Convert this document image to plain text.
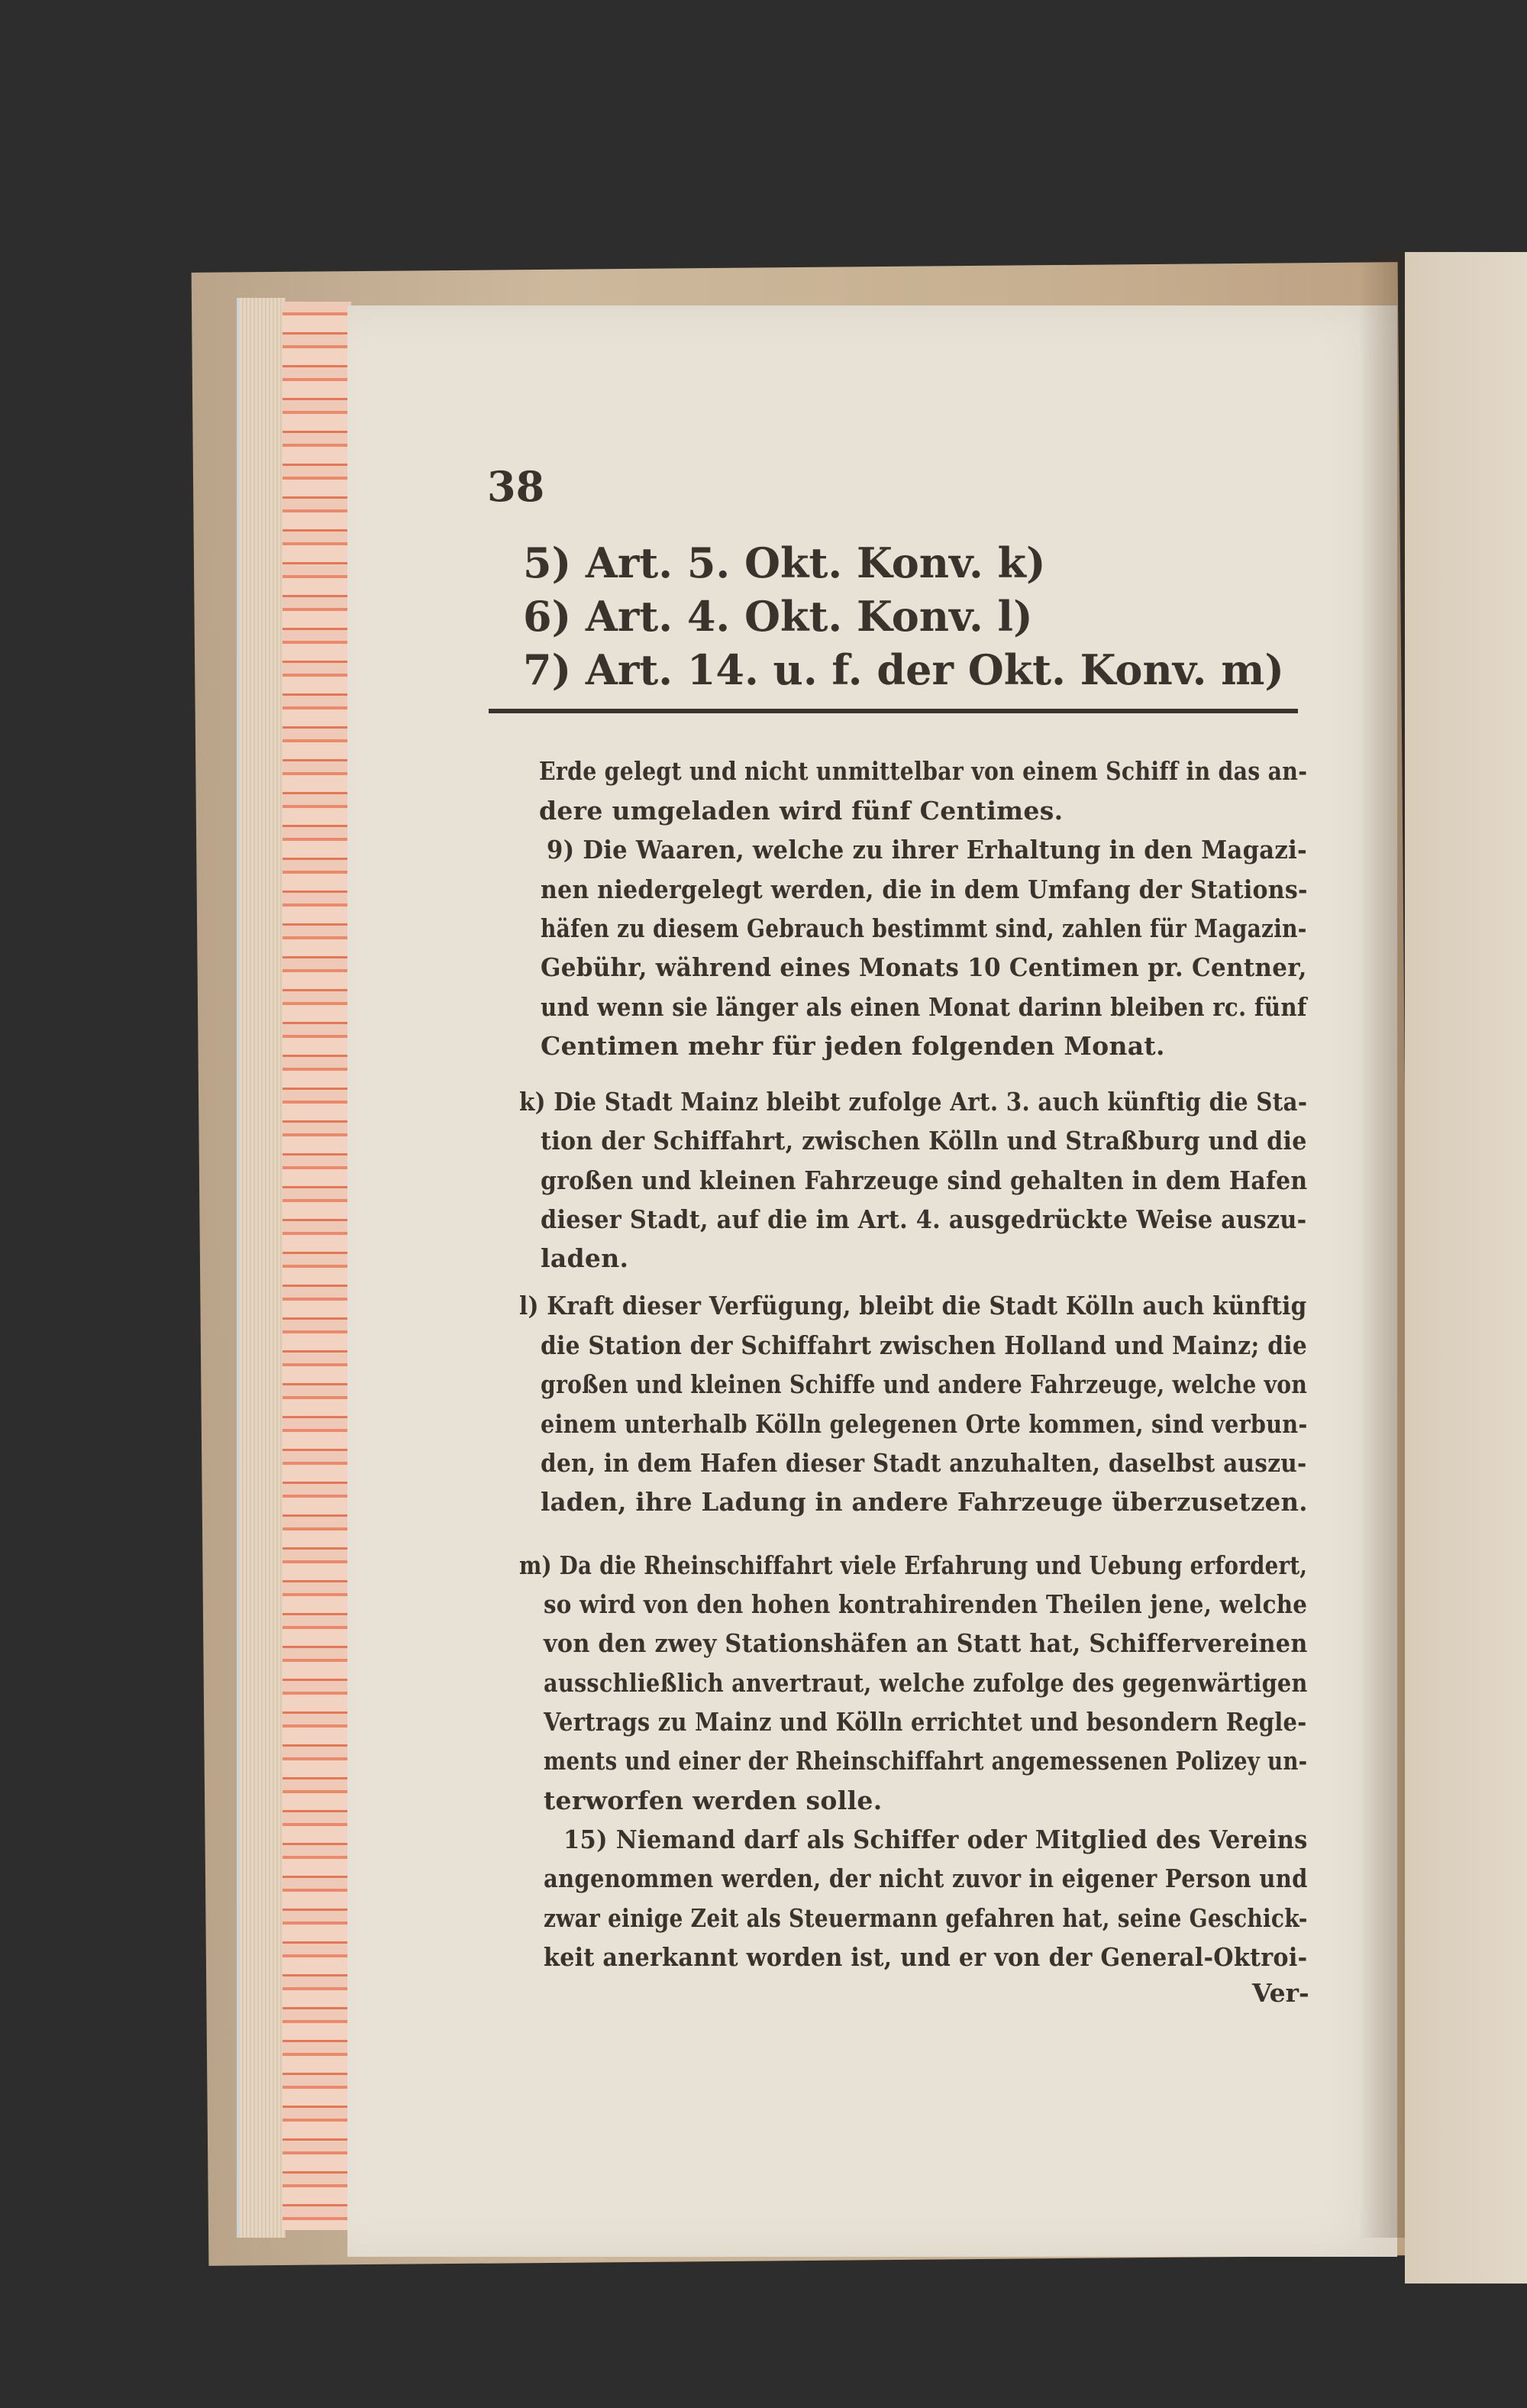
38
5) Art. 5. Okt. Konv. k)
6) Art. 4. Okt. Konv. l)
7) Art. 14. u. f. der Okt. Konv. m)
Erde gelegt und nicht unmittelbar von einem Schiff in das an-
dere umgeladen wird fünf Centimes.
9) Die Waaren, welche zu ihrer Erhaltung in den Magazi-
nen niedergelegt werden, die in dem Umfang der Stations-
häfen zu diesem Gebrauch bestimmt sind, zahlen für Magazin-
Gebühr, während eines Monats 10 Centimen pr. Centner,
und wenn sie länger als einen Monat darinn bleiben rc. fünf
Centimen mehr für jeden folgenden Monat.
k) Die Stadt Mainz bleibt zufolge Art. 3. auch künftig die Sta-
tion der Schiffahrt, zwischen Kölln und Straßburg und die
großen und kleinen Fahrzeuge sind gehalten in dem Hafen
dieser Stadt, auf die im Art. 4. ausgedrückte Weise auszu-
laden.
l) Kraft dieser Verfügung, bleibt die Stadt Kölln auch künftig
die Station der Schiffahrt zwischen Holland und Mainz; die
großen und kleinen Schiffe und andere Fahrzeuge, welche von
einem unterhalb Kölln gelegenen Orte kommen, sind verbun-
den, in dem Hafen dieser Stadt anzuhalten, daselbst auszu-
laden, ihre Ladung in andere Fahrzeuge überzusetzen.
m) Da die Rheinschiffahrt viele Erfahrung und Uebung erfordert,
so wird von den hohen kontrahirenden Theilen jene, welche
von den zwey Stationshäfen an Statt hat, Schiffervereinen
ausschließlich anvertraut, welche zufolge des gegenwärtigen
Vertrags zu Mainz und Kölln errichtet und besondern Regle-
ments und einer der Rheinschiffahrt angemessenen Polizey un-
terworfen werden solle.
15) Niemand darf als Schiffer oder Mitglied des Vereins
angenommen werden, der nicht zuvor in eigener Person und
zwar einige Zeit als Steuermann gefahren hat, seine Geschick-
keit anerkannt worden ist, und er von der General-Oktroi-
Ver-
